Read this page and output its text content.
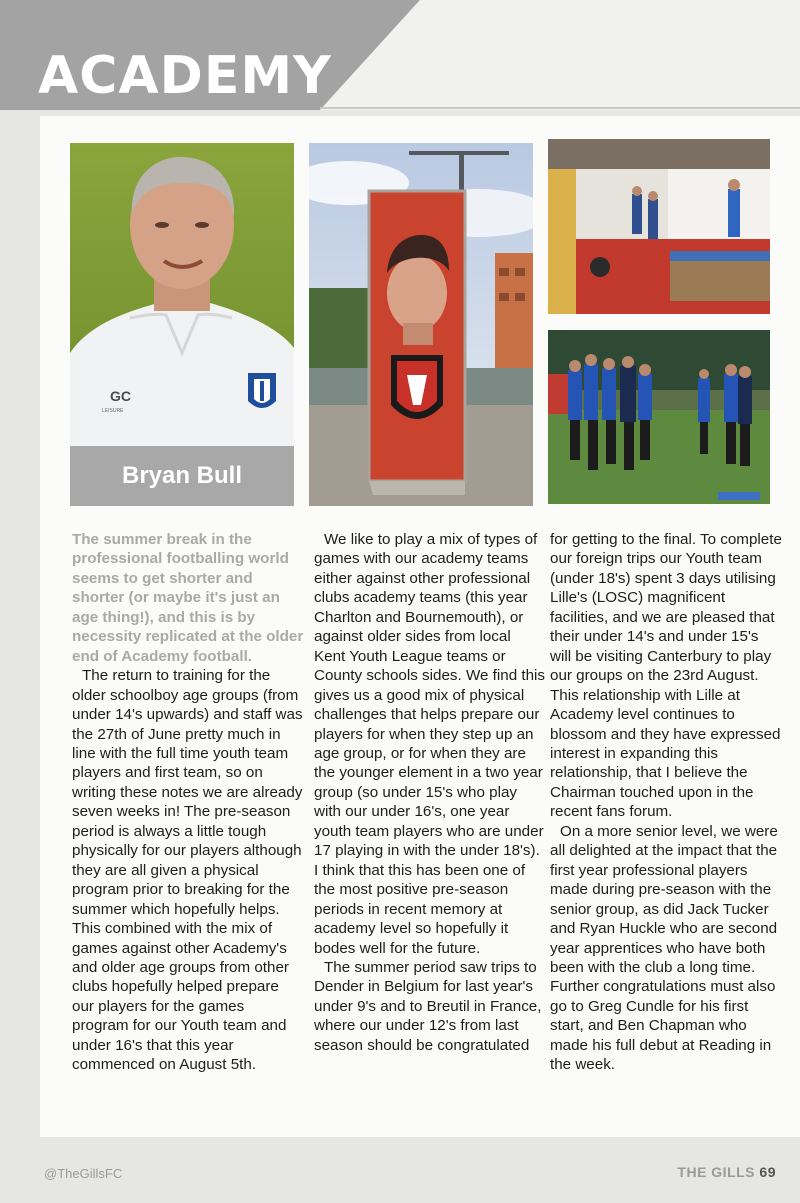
ACADEMY
GC
LEISURE
Bryan Bull

The summer break in the professional footballing world seems to get shorter and shorter (or maybe it's just an age thing!), and this is by necessity replicated at the older end of Academy football.

The return to training for the older schoolboy age groups (from under 14's upwards) and staff was the 27th of June pretty much in line with the full time youth team players and first team, so on writing these notes we are already seven weeks in! The pre-season period is always a little tough physically for our players although they are all given a physical program prior to breaking for the summer which hopefully helps. This combined with the mix of games against other Academy's and older age groups from other clubs hopefully helped prepare our players for the games program for our Youth team and under 16's that this year commenced on August 5th.

We like to play a mix of types of games with our academy teams either against other professional clubs academy teams (this year Charlton and Bournemouth), or against older sides from local Kent Youth League teams or County schools sides. We find this gives us a good mix of physical challenges that helps prepare our players for when they step up an age group, or for when they are the younger element in a two year group (so under 15's who play with our under 16's, one year youth team players who are under 17 playing in with the under 18's). I think that this has been one of the most positive pre-season periods in recent memory at academy level so hopefully it bodes well for the future.

The summer period saw trips to Dender in Belgium for last year's under 9's and to Breutil in France, where our under 12's from last season should be congratulated

for getting to the final. To complete our foreign trips our Youth team (under 18's) spent 3 days utilising Lille's (LOSC) magnificent facilities, and we are pleased that their under 14's and under 15's will be visiting Canterbury to play our groups on the 23rd August. This relationship with Lille at Academy level continues to blossom and they have expressed interest in expanding this relationship, that I believe the Chairman touched upon in the recent fans forum.

On a more senior level, we were all delighted at the impact that the first year professional players made during pre-season with the senior group, as did Jack Tucker and Ryan Huckle who are second year apprentices who have both been with the club a long time. Further congratulations must also go to Greg Cundle for his first start, and Ben Chapman who made his full debut at Reading in the week.

@TheGillsFC	THE GILLS 69
